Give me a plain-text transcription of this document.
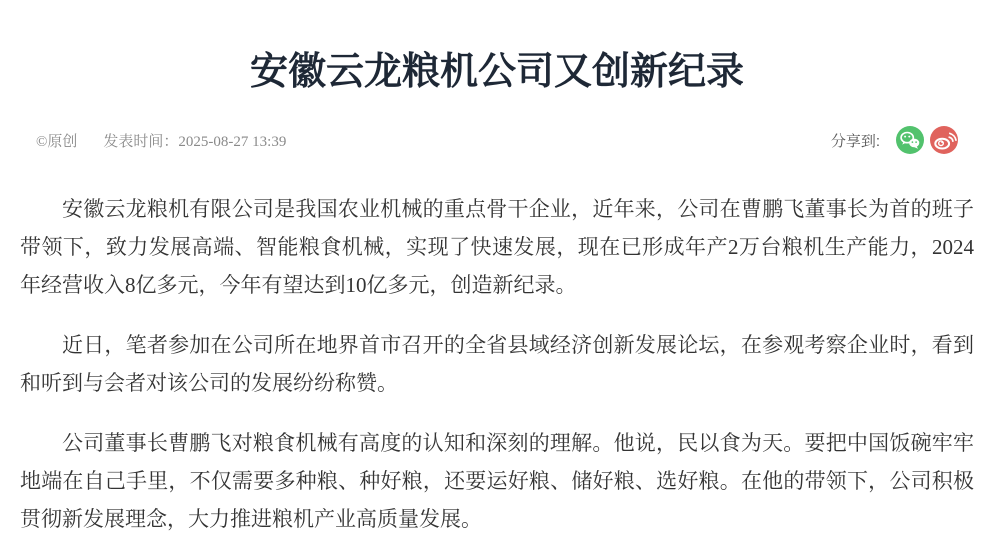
安徽云龙粮机公司又创新纪录
©原创 发表时间：2025-08-27 13:39	分享到:

安徽云龙粮机有限公司是我国农业机械的重点骨干企业，近年来，公司在曹鹏飞董事长为首的班子带领下，致力发展高端、智能粮食机械，实现了快速发展，现在已形成年产2万台粮机生产能力，2024年经营收入8亿多元，今年有望达到10亿多元，创造新纪录。

近日，笔者参加在公司所在地界首市召开的全省县域经济创新发展论坛，在参观考察企业时，看到和听到与会者对该公司的发展纷纷称赞。

公司董事长曹鹏飞对粮食机械有高度的认知和深刻的理解。他说，民以食为天。要把中国饭碗牢牢地端在自己手里，不仅需要多种粮、种好粮，还要运好粮、储好粮、选好粮。在他的带领下，公司积极贯彻新发展理念，大力推进粮机产业高质量发展。
